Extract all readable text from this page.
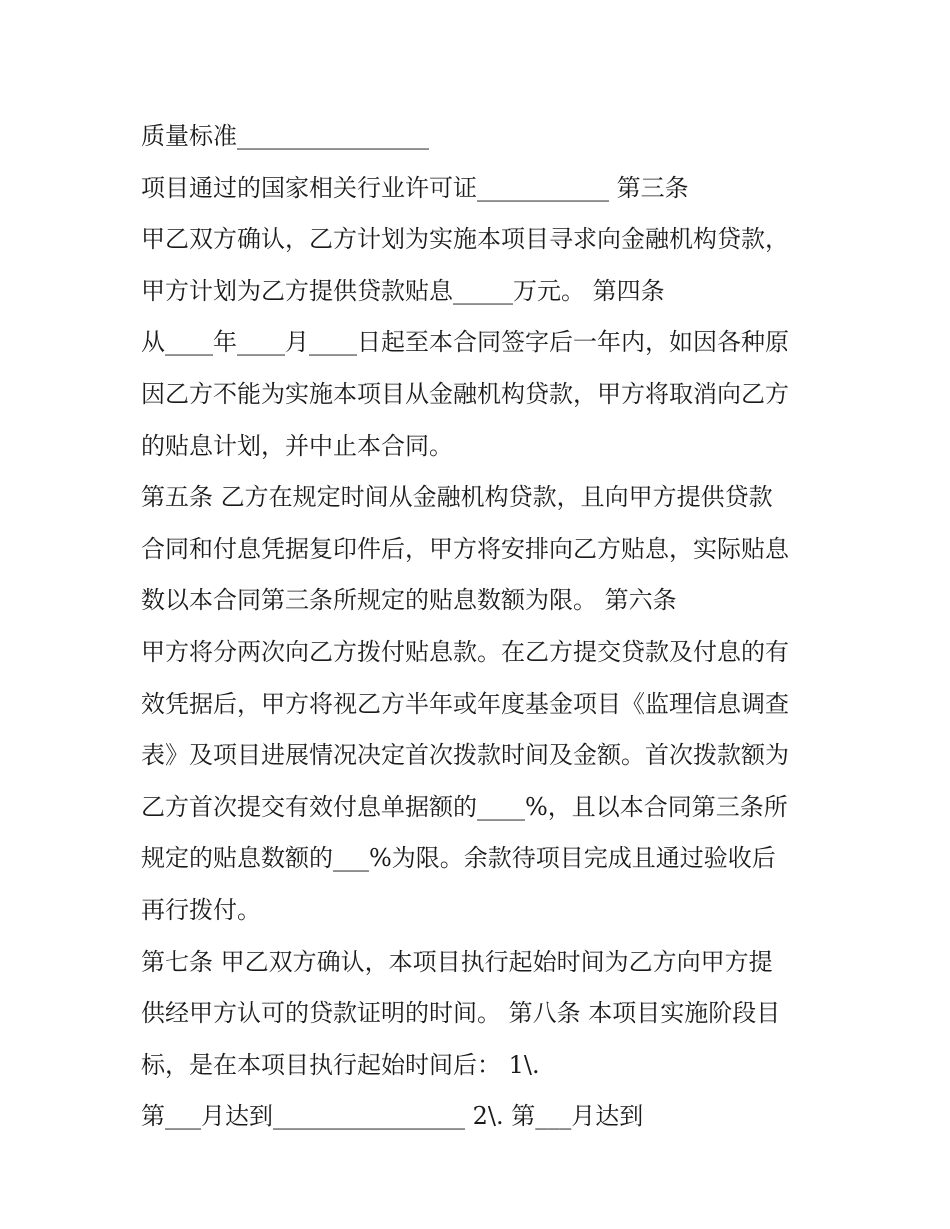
质量标准________________
项目通过的国家相关行业许可证___________ 第三条
甲乙双方确认，乙方计划为实施本项目寻求向金融机构贷款，
甲方计划为乙方提供贷款贴息_____万元。 第四条
从____年____月____日起至本合同签字后一年内，如因各种原
因乙方不能为实施本项目从金融机构贷款，甲方将取消向乙方
的贴息计划，并中止本合同。
第五条 乙方在规定时间从金融机构贷款，且向甲方提供贷款
合同和付息凭据复印件后，甲方将安排向乙方贴息，实际贴息
数以本合同第三条所规定的贴息数额为限。 第六条
甲方将分两次向乙方拨付贴息款。在乙方提交贷款及付息的有
效凭据后，甲方将视乙方半年或年度基金项目《监理信息调查
表》及项目进展情况决定首次拨款时间及金额。首次拨款额为
乙方首次提交有效付息单据额的____%，且以本合同第三条所
规定的贴息数额的___%为限。余款待项目完成且通过验收后
再行拨付。
第七条 甲乙双方确认，本项目执行起始时间为乙方向甲方提
供经甲方认可的贷款证明的时间。 第八条 本项目实施阶段目
标，是在本项目执行起始时间后： 1\.
第___月达到________________ 2\. 第___月达到
